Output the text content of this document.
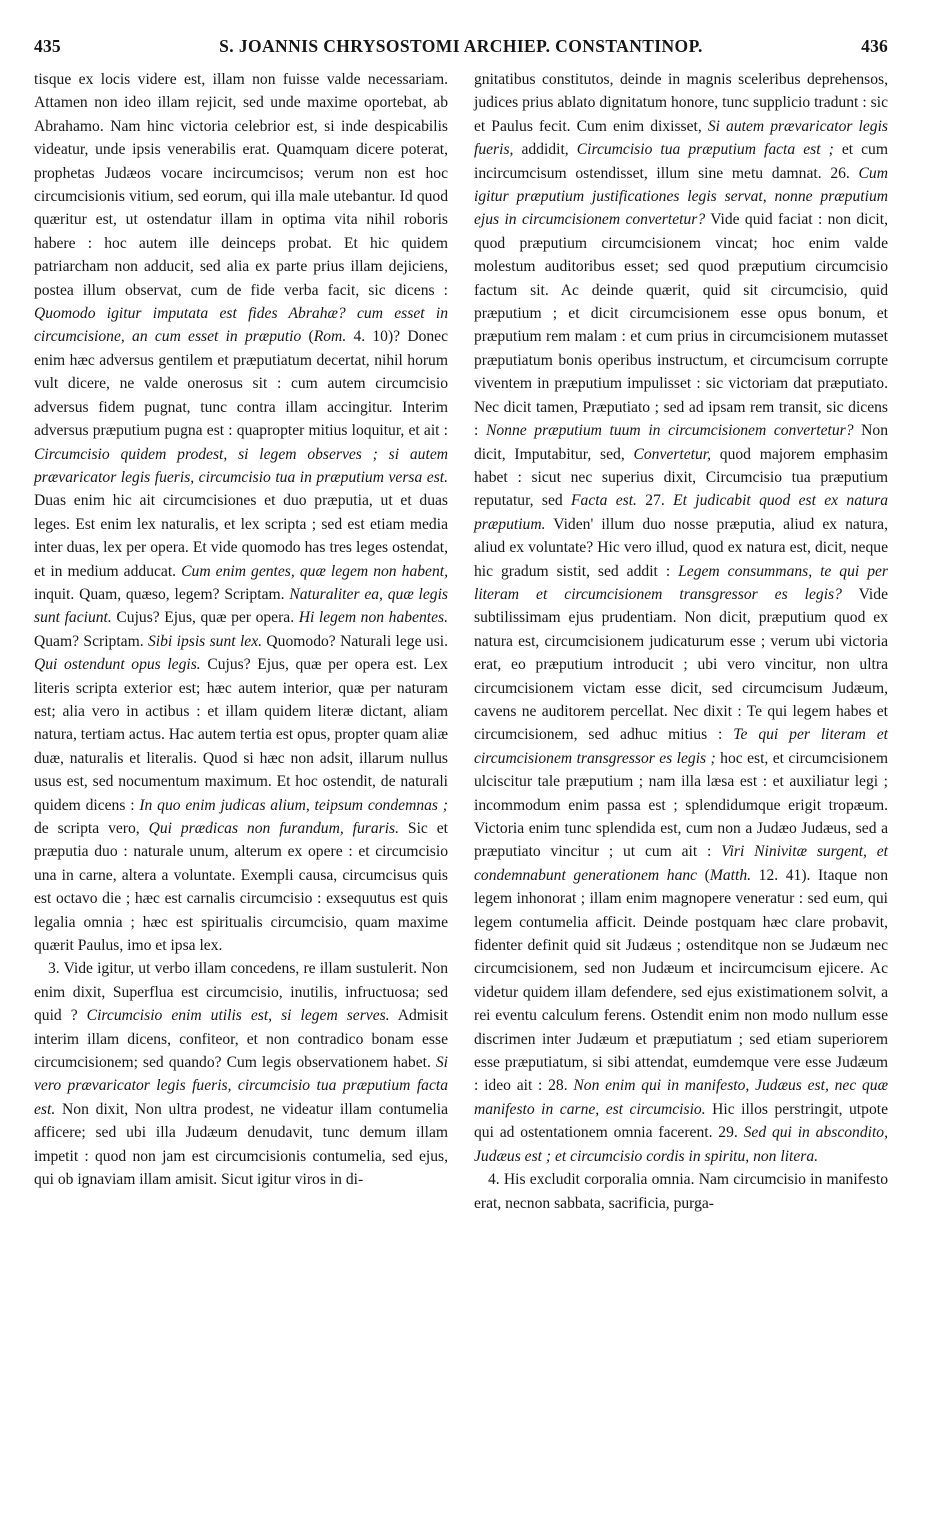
435	S. JOANNIS CHRYSOSTOMI ARCHIEP. CONSTANTINOP.	436

tisque ex locis videre est, illam non fuisse valde necessariam. Attamen non ideo illam rejicit, sed unde maxime oportebat, ab Abrahamo. Nam hinc victoria celebrior est, si inde despicabilis videatur, unde ipsis venerabilis erat. Quamquam dicere poterat, prophetas Judæos vocare incircumcisos; verum non est hoc circumcisionis vitium, sed eorum, qui illa male utebantur. Id quod quæritur est, ut ostendatur illam in optima vita nihil roboris habere : hoc autem ille deinceps probat. Et hic quidem patriarcham non adducit, sed alia ex parte prius illam dejiciens, postea illum observat, cum de fide verba facit, sic dicens : Quomodo igitur imputata est fides Abrahæ? cum esset in circumcisione, an cum esset in præputio (Rom. 4. 10)? Donec enim hæc adversus gentilem et præputiatum decertat, nihil horum vult dicere, ne valde onerosus sit : cum autem circumcisio adversus fidem pugnat, tunc contra illam accingitur. Interim adversus præputium pugna est : quapropter mitius loquitur, et ait : Circumcisio quidem prodest, si legem observes ; si autem prævaricator legis fueris, circumcisio tua in præputium versa est. Duas enim hic ait circumcisiones et duo præputia, ut et duas leges. Est enim lex naturalis, et lex scripta ; sed est etiam media inter duas, lex per opera. Et vide quomodo has tres leges ostendat, et in medium adducat. Cum enim gentes, quæ legem non habent, inquit. Quam, quæso, legem? Scriptam. Naturaliter ea, quæ legis sunt faciunt. Cujus? Ejus, quæ per opera. Hi legem non habentes. Quam? Scriptam. Sibi ipsis sunt lex. Quomodo? Naturali lege usi. Qui ostendunt opus legis. Cujus? Ejus, quæ per opera est. Lex literis scripta exterior est; hæc autem interior, quæ per naturam est; alia vero in actibus : et illam quidem literæ dictant, aliam natura, tertiam actus. Hac autem tertia est opus, propter quam aliæ duæ, naturalis et literalis. Quod si hæc non adsit, illarum nullus usus est, sed nocumentum maximum. Et hoc ostendit, de naturali quidem dicens : In quo enim judicas alium, teipsum condemnas ; de scripta vero, Qui prædicas non furandum, furaris. Sic et præputia duo : naturale unum, alterum ex opere : et circumcisio una in carne, altera a voluntate. Exempli causa, circumcisus quis est octavo die ; hæc est carnalis circumcisio : exsequutus est quis legalia omnia ; hæc est spiritualis circumcisio, quam maxime quærit Paulus, imo et ipsa lex.

3. Vide igitur, ut verbo illam concedens, re illam sustulerit. Non enim dixit, Superflua est circumcisio, inutilis, infructuosa; sed quid ? Circumcisio enim utilis est, si legem serves. Admisit interim illam dicens, confiteor, et non contradico bonam esse circumcisionem; sed quando? Cum legis observationem habet. Si vero prævaricator legis fueris, circumcisio tua præputium facta est. Non dixit, Non ultra prodest, ne videatur illam contumelia afficere; sed ubi illa Judæum denudavit, tunc demum illam impetit : quod non jam est circumcisionis contumelia, sed ejus, qui ob ignaviam illam amisit. Sicut igitur viros in di-

gnitatibus constitutos, deinde in magnis sceleribus deprehensos, judices prius ablato dignitatum honore, tunc supplicio tradunt : sic et Paulus fecit. Cum enim dixisset, Si autem prævaricator legis fueris, addidit, Circumcisio tua præputium facta est ; et cum incircumcisum ostendisset, illum sine metu damnat. 26. Cum igitur præputium justificationes legis servat, nonne præputium ejus in circumcisionem convertetur? Vide quid faciat : non dicit, quod præputium circumcisionem vincat; hoc enim valde molestum auditoribus esset; sed quod præputium circumcisio factum sit. Ac deinde quærit, quid sit circumcisio, quid præputium ; et dicit circumcisionem esse opus bonum, et præputium rem malam : et cum prius in circumcisionem mutasset præputiatum bonis operibus instructum, et circumcisum corrupte viventem in præputium impulisset : sic victoriam dat præputiato. Nec dicit tamen, Præputiato ; sed ad ipsam rem transit, sic dicens : Nonne præputium tuum in circumcisionem convertetur? Non dicit, Imputabitur, sed, Convertetur, quod majorem emphasim habet : sicut nec superius dixit, Circumcisio tua præputium reputatur, sed Facta est. 27. Et judicabit quod est ex natura præputium. Viden' illum duo nosse præputia, aliud ex natura, aliud ex voluntate? Hic vero illud, quod ex natura est, dicit, neque hic gradum sistit, sed addit : Legem consummans, te qui per literam et circumcisionem transgressor es legis? Vide subtilissimam ejus prudentiam. Non dicit, præputium quod ex natura est, circumcisionem judicaturum esse ; verum ubi victoria erat, eo præputium introducit ; ubi vero vincitur, non ultra circumcisionem victam esse dicit, sed circumcisum Judæum, cavens ne auditorem percellat. Nec dixit : Te qui legem habes et circumcisionem, sed adhuc mitius : Te qui per literam et circumcisionem transgressor es legis ; hoc est, et circumcisionem ulciscitur tale præputium ; nam illa læsa est : et auxiliatur legi ; incommodum enim passa est ; splendidumque erigit tropæum. Victoria enim tunc splendida est, cum non a Judæo Judæus, sed a præputiato vincitur ; ut cum ait : Viri Ninivitæ surgent, et condemnabunt generationem hanc (Matth. 12. 41). Itaque non legem inhonorat ; illam enim magnopere veneratur : sed eum, qui legem contumelia afficit. Deinde postquam hæc clare probavit, fidenter definit quid sit Judæus ; ostenditque non se Judæum nec circumcisionem, sed non Judæum et incircumcisum ejicere. Ac videtur quidem illam defendere, sed ejus existimationem solvit, a rei eventu calculum ferens. Ostendit enim non modo nullum esse discrimen inter Judæum et præputiatum ; sed etiam superiorem esse præputiatum, si sibi attendat, eumdemque vere esse Judæum : ideo ait : 28. Non enim qui in manifesto, Judæus est, nec quæ manifesto in carne, est circumcisio. Hic illos perstringit, utpote qui ad ostentationem omnia facerent. 29. Sed qui in abscondito, Judæus est ; et circumcisio cordis in spiritu, non litera.

4. His excludit corporalia omnia. Nam circumcisio in manifesto erat, necnon sabbata, sacrificia, purga-
